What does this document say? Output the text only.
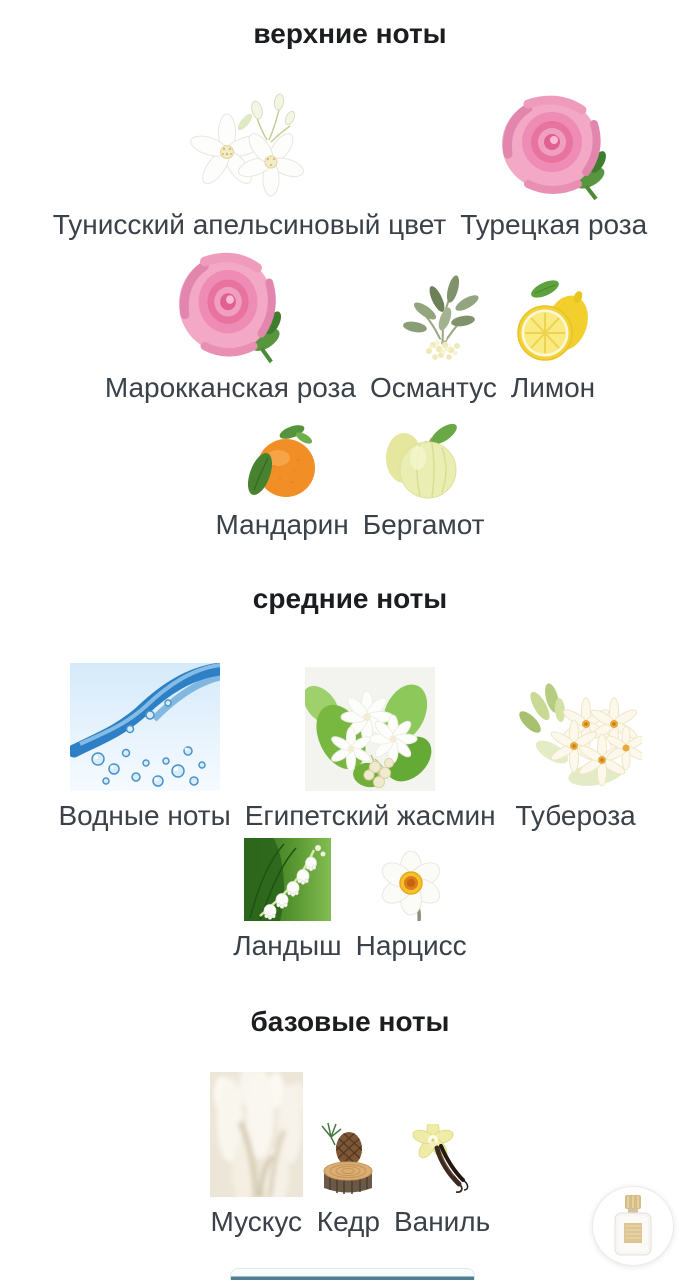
верхние ноты
Тунисский апельсиновый цвет Турецкая роза
Марокканская роза Османтус Лимон
Мандарин Бергамот
средние ноты
Водные ноты Египетский жасмин Тубероза
Ландыш Нарцисс
базовые ноты
Мускус Кедр Ваниль
